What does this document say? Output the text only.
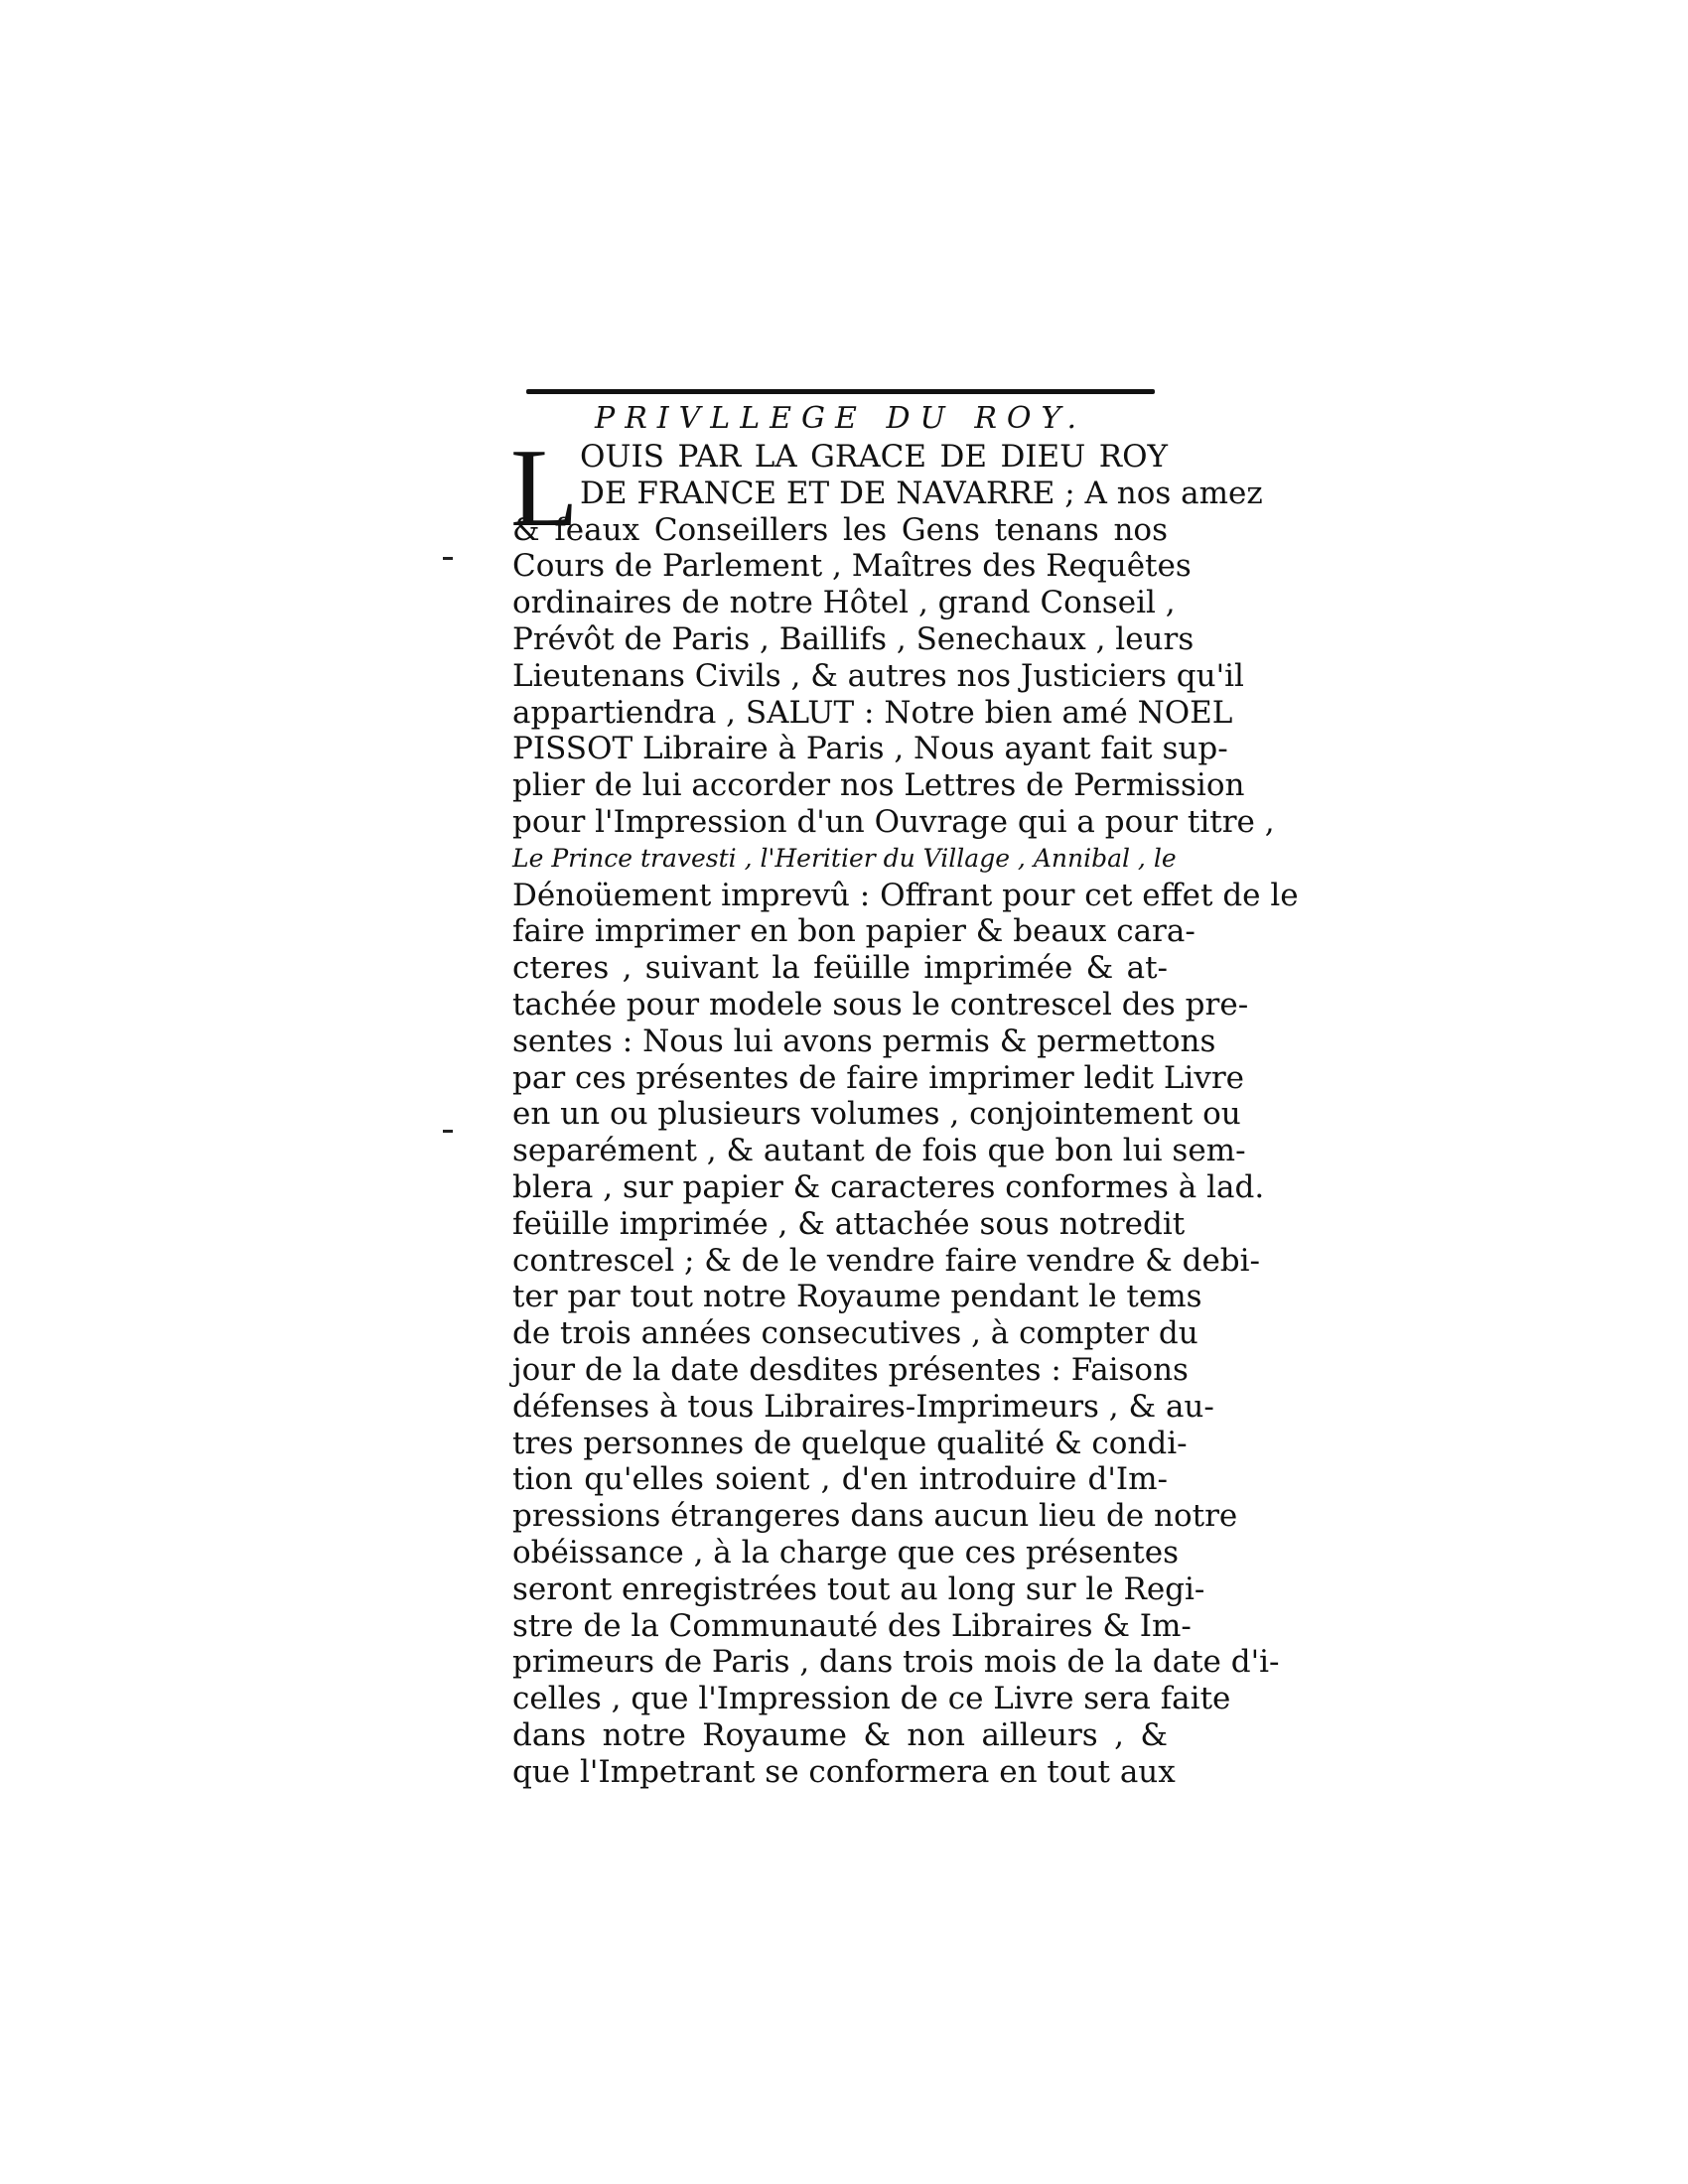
PRIVLLEGE DU ROY.
L OUIS PAR LA GRACE DE DIEU ROY
DE FRANCE ET DE NAVARRE ; A nos amez
& feaux Conseillers les Gens tenans nos
Cours de Parlement , Maîtres des Requêtes
ordinaires de notre Hôtel , grand Conseil ,
Prévôt de Paris , Baillifs , Senechaux , leurs
Lieutenans Civils , & autres nos Justiciers qu'il
appartiendra , SALUT : Notre bien amé NOEL
PISSOT Libraire à Paris , Nous ayant fait sup-
plier de lui accorder nos Lettres de Permission
pour l'Impression d'un Ouvrage qui a pour titre ,
Le Prince travesti , l'Heritier du Village , Annibal , le
Dénoüement imprevû : Offrant pour cet effet de le
faire imprimer en bon papier & beaux cara-
cteres , suivant la feüille imprimée & at-
tachée pour modele sous le contrescel des pre-
sentes : Nous lui avons permis & permettons
par ces présentes de faire imprimer ledit Livre
en un ou plusieurs volumes , conjointement ou
separément , & autant de fois que bon lui sem-
blera , sur papier & caracteres conformes à lad.
feüille imprimée , & attachée sous notredit
contrescel ; & de le vendre faire vendre & debi-
ter par tout notre Royaume pendant le tems
de trois années consecutives , à compter du
jour de la date desdites présentes : Faisons
défenses à tous Libraires-Imprimeurs , & au-
tres personnes de quelque qualité & condi-
tion qu'elles soient , d'en introduire d'Im-
pressions étrangeres dans aucun lieu de notre
obéissance , à la charge que ces présentes
seront enregistrées tout au long sur le Regi-
stre de la Communauté des Libraires & Im-
primeurs de Paris , dans trois mois de la date d'i-
celles , que l'Impression de ce Livre sera faite
dans notre Royaume & non ailleurs , &
que l'Impetrant se conformera en tout aux
